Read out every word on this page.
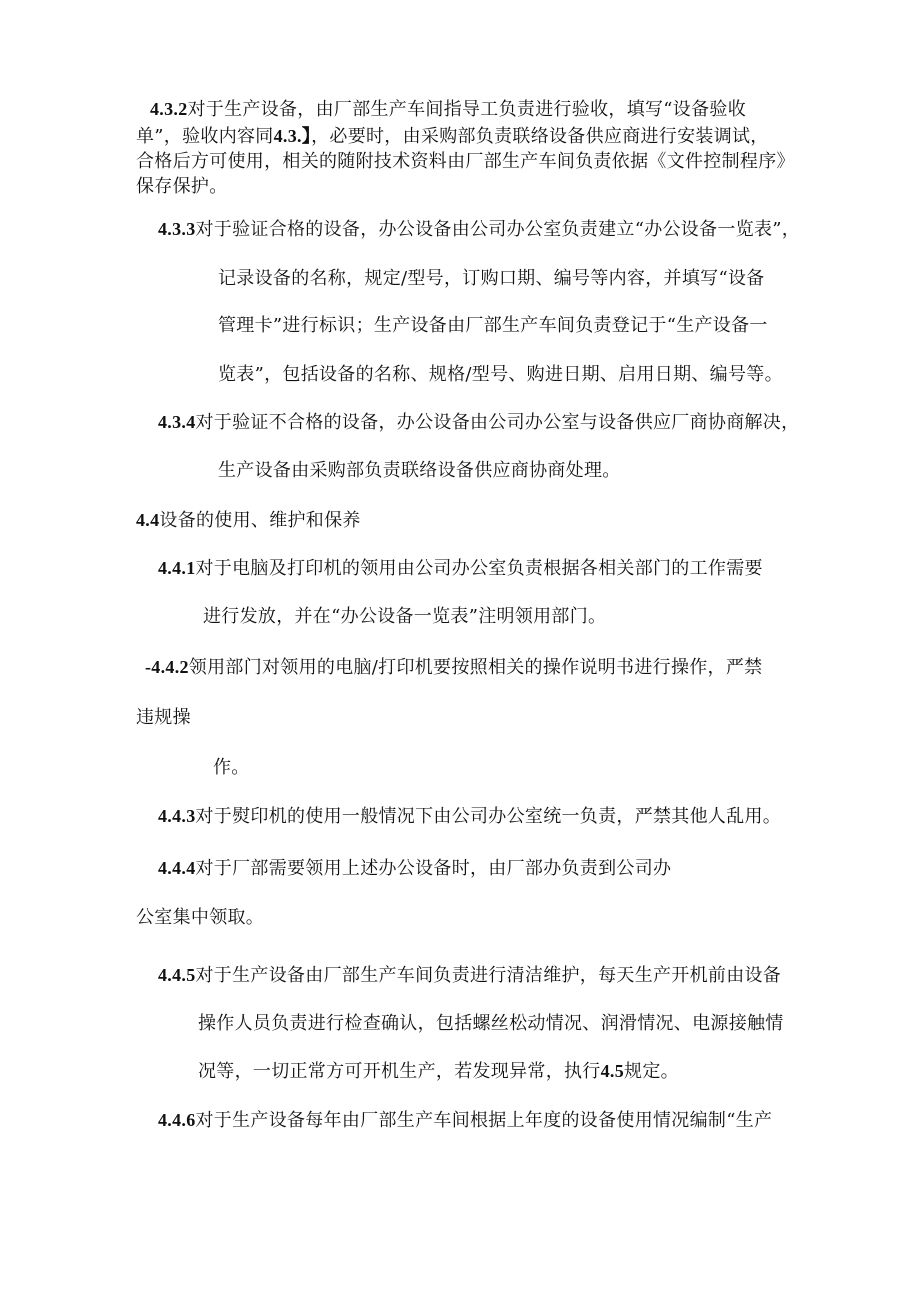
4.3.2对于生产设备，由厂部生产车间指导工负责进行验收，填写“设备验收
单”，验收内容同4.3.】，必要时，由采购部负责联络设备供应商进行安装调试，
合格后方可使用，相关的随附技术资料由厂部生产车间负责依据《文件控制程序》
保存保护。
4.3.3对于验证合格的设备，办公设备由公司办公室负责建立“办公设备一览表”，
记录设备的名称，规定/型号，订购口期、编号等内容，并填写“设备
管理卡”进行标识；生产设备由厂部生产车间负责登记于“生产设备一
览表”，包括设备的名称、规格/型号、购进日期、启用日期、编号等。
4.3.4对于验证不合格的设备，办公设备由公司办公室与设备供应厂商协商解决，
生产设备由采购部负责联络设备供应商协商处理。
4.4设备的使用、维护和保养
4.4.1对于电脑及打印机的领用由公司办公室负责根据各相关部门的工作需要
进行发放，并在“办公设备一览表”注明领用部门。
-4.4.2领用部门对领用的电脑/打印机要按照相关的操作说明书进行操作，严禁
违规操
作。
4.4.3对于熨印机的使用一般情况下由公司办公室统一负责，严禁其他人乱用。
4.4.4对于厂部需要领用上述办公设备时，由厂部办负责到公司办
公室集中领取。
4.4.5对于生产设备由厂部生产车间负责进行清洁维护，每天生产开机前由设备
操作人员负责进行检查确认，包括螺丝松动情况、润滑情况、电源接触情
况等，一切正常方可开机生产，若发现异常，执行4.5规定。
4.4.6对于生产设备每年由厂部生产车间根据上年度的设备使用情况编制“生产
